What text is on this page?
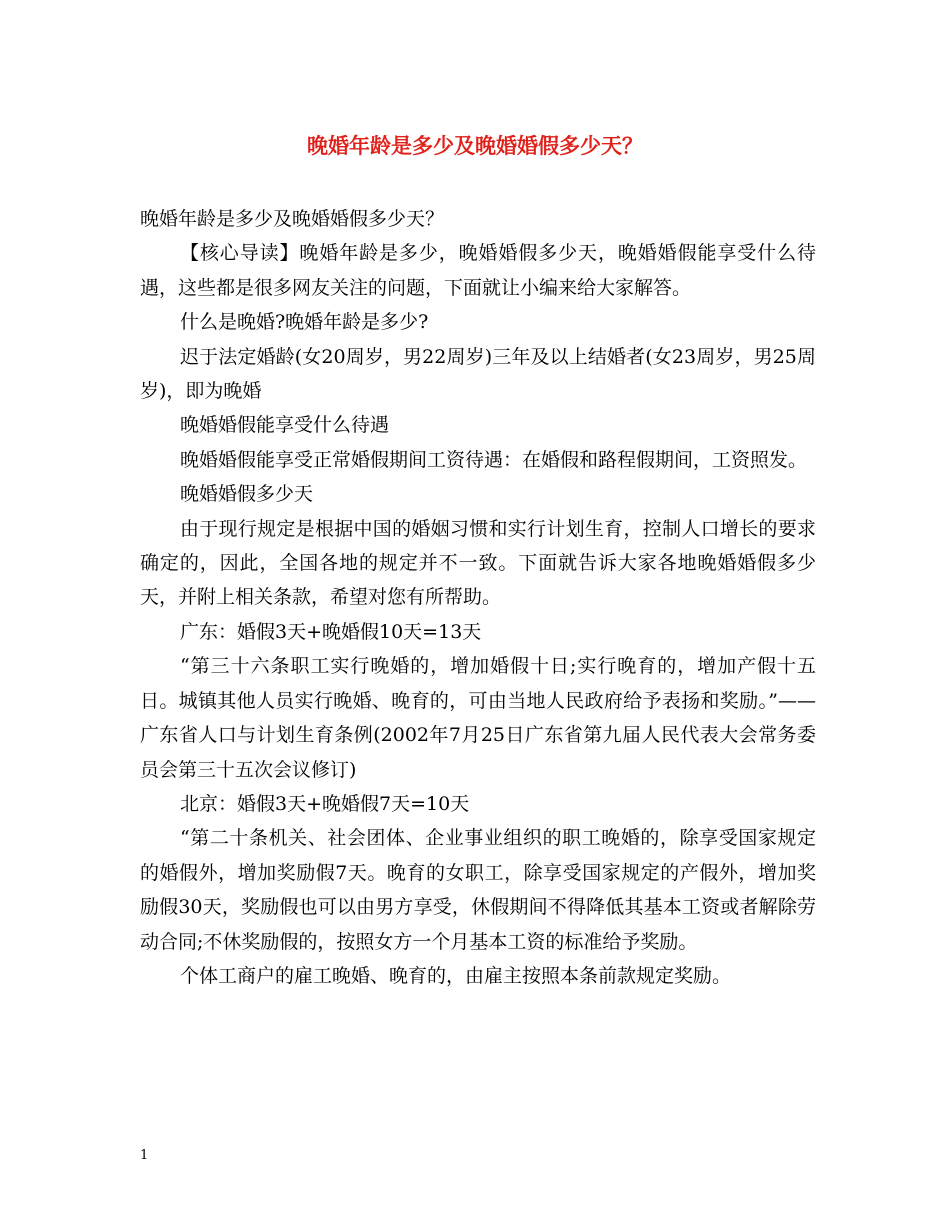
晚婚年龄是多少及晚婚婚假多少天？

晚婚年龄是多少及晚婚婚假多少天？

【核心导读】晚婚年龄是多少，晚婚婚假多少天，晚婚婚假能享受什么待遇，这些都是很多网友关注的问题，下面就让小编来给大家解答。

什么是晚婚?晚婚年龄是多少?

迟于法定婚龄(女20周岁，男22周岁)三年及以上结婚者(女23周岁，男25周岁)，即为晚婚

晚婚婚假能享受什么待遇

晚婚婚假能享受正常婚假期间工资待遇：在婚假和路程假期间，工资照发。

晚婚婚假多少天

由于现行规定是根据中国的婚姻习惯和实行计划生育，控制人口增长的要求确定的，因此，全国各地的规定并不一致。下面就告诉大家各地晚婚婚假多少天，并附上相关条款，希望对您有所帮助。

广东：婚假3天+晚婚假10天=13天

“第三十六条职工实行晚婚的，增加婚假十日;实行晚育的，增加产假十五日。城镇其他人员实行晚婚、晚育的，可由当地人民政府给予表扬和奖励。”——广东省人口与计划生育条例(2002年7月25日广东省第九届人民代表大会常务委员会第三十五次会议修订)

北京：婚假3天+晚婚假7天=10天

“第二十条机关、社会团体、企业事业组织的职工晚婚的，除享受国家规定的婚假外，增加奖励假7天。晚育的女职工，除享受国家规定的产假外，增加奖励假30天，奖励假也可以由男方享受，休假期间不得降低其基本工资或者解除劳动合同;不休奖励假的，按照女方一个月基本工资的标准给予奖励。

个体工商户的雇工晚婚、晚育的，由雇主按照本条前款规定奖励。

1
